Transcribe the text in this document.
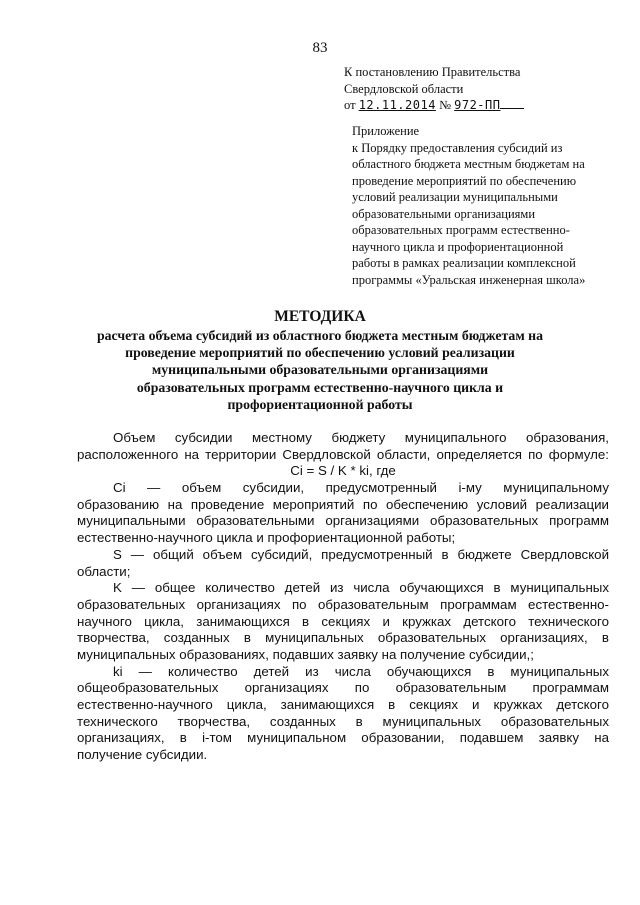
83
К постановлению Правительства
Свердловской области
от 12.11.2014 № 972-ПП
Приложение
к Порядку предоставления субсидий из
областного бюджета местным бюджетам на
проведение мероприятий по обеспечению
условий реализации муниципальными
образовательными организациями
образовательных программ естественно-
научного цикла и профориентационной
работы в рамках реализации комплексной
программы «Уральская инженерная школа»
МЕТОДИКА
расчета объема субсидий из областного бюджета местным бюджетам на
проведение мероприятий по обеспечению условий реализации
муниципальными образовательными организациями
образовательных программ естественно-научного цикла и
профориентационной работы
Объем субсидии местному бюджету муниципального образования,
расположенного на территории Свердловской области, определяется по формуле:
Ci = S / K * ki, где
Ci — объем субсидии, предусмотренный i-му муниципальному
образованию на проведение мероприятий по обеспечению условий реализации
муниципальными образовательными организациями образовательных программ
естественно-научного цикла и профориентационной работы;
S — общий объем субсидий, предусмотренный в бюджете Свердловской
области;
K — общее количество детей из числа обучающихся в муниципальных
образовательных организациях по образовательным программам естественно-
научного цикла, занимающихся в секциях и кружках детского технического
творчества, созданных в муниципальных образовательных организациях, в
муниципальных образованиях, подавших заявку на получение субсидии,;
ki — количество детей из числа обучающихся в муниципальных
общеобразовательных организациях по образовательным программам
естественно-научного цикла, занимающихся в секциях и кружках детского
технического творчества, созданных в муниципальных образовательных
организациях, в i-том муниципальном образовании, подавшем заявку на
получение субсидии.
